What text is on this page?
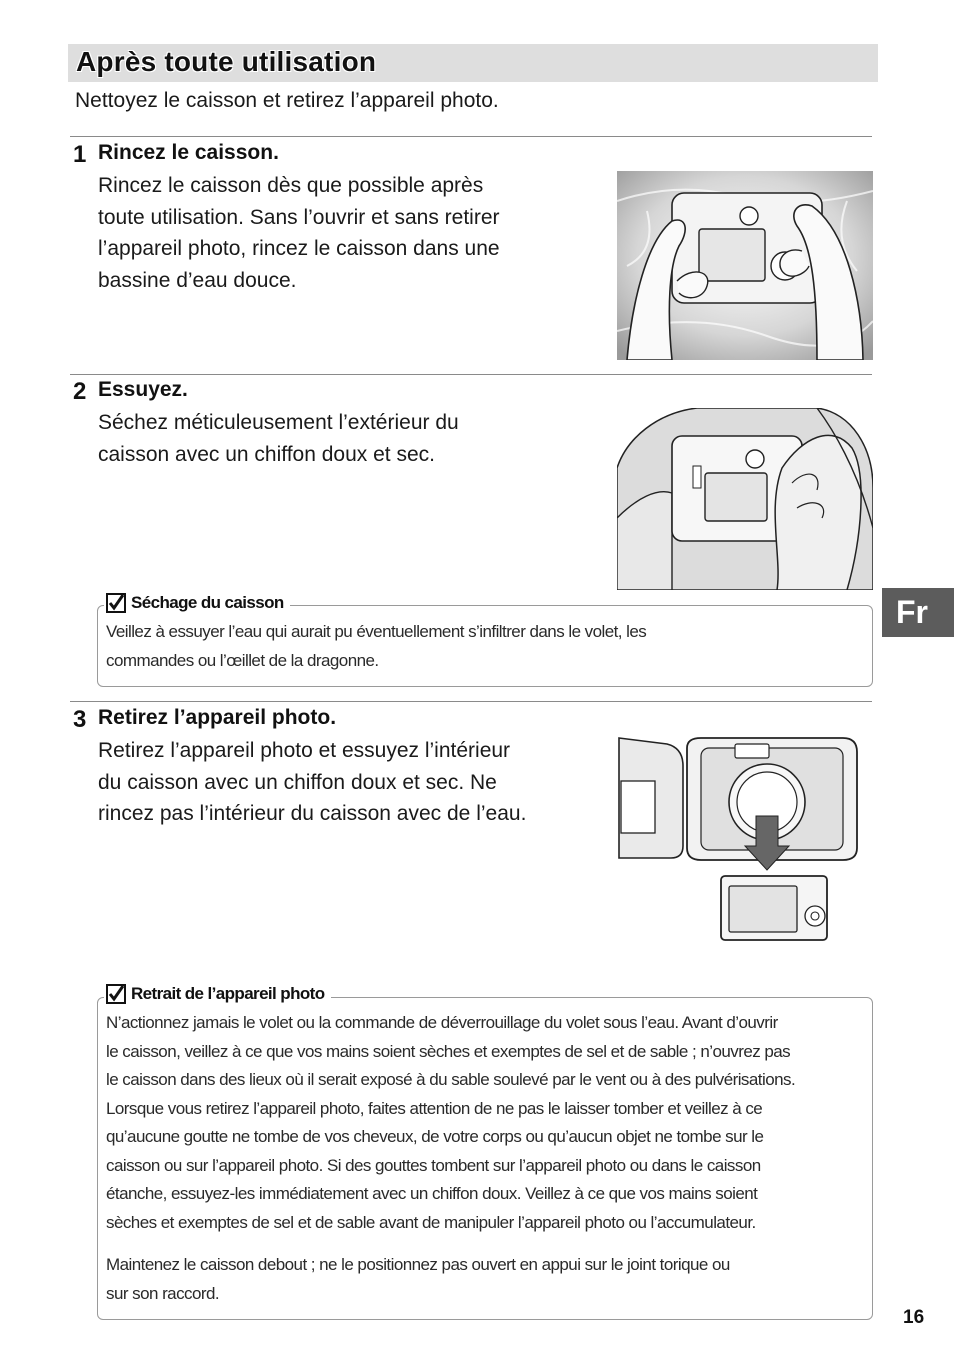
Après toute utilisation
Nettoyez le caisson et retirez l’appareil photo.
1 Rincez le caisson.
Rincez le caisson dès que possible après
toute utilisation. Sans l’ouvrir et sans retirer
l’appareil photo, rincez le caisson dans une
bassine d’eau douce.
2 Essuyez.
Séchez méticuleusement l’extérieur du
caisson avec un chiffon doux et sec.
Séchage du caisson
Veillez à essuyer l’eau qui aurait pu éventuellement s’infiltrer dans le volet, les
commandes ou l’œillet de la dragonne.
3 Retirez l’appareil photo.
Retirez l’appareil photo et essuyez l’intérieur
du caisson avec un chiffon doux et sec. Ne
rincez pas l’intérieur du caisson avec de l’eau.
Retrait de l’appareil photo
N’actionnez jamais le volet ou la commande de déverrouillage du volet sous l’eau. Avant d’ouvrir
le caisson, veillez à ce que vos mains soient sèches et exemptes de sel et de sable ; n’ouvrez pas
le caisson dans des lieux où il serait exposé à du sable soulevé par le vent ou à des pulvérisations.
Lorsque vous retirez l’appareil photo, faites attention de ne pas le laisser tomber et veillez à ce
qu’aucune goutte ne tombe de vos cheveux, de votre corps ou qu’aucun objet ne tombe sur le
caisson ou sur l’appareil photo. Si des gouttes tombent sur l’appareil photo ou dans le caisson
étanche, essuyez-les immédiatement avec un chiffon doux. Veillez à ce que vos mains soient
sèches et exemptes de sel et de sable avant de manipuler l’appareil photo ou l’accumulateur.
Maintenez le caisson debout ; ne le positionnez pas ouvert en appui sur le joint torique ou
sur son raccord.
Fr
16
